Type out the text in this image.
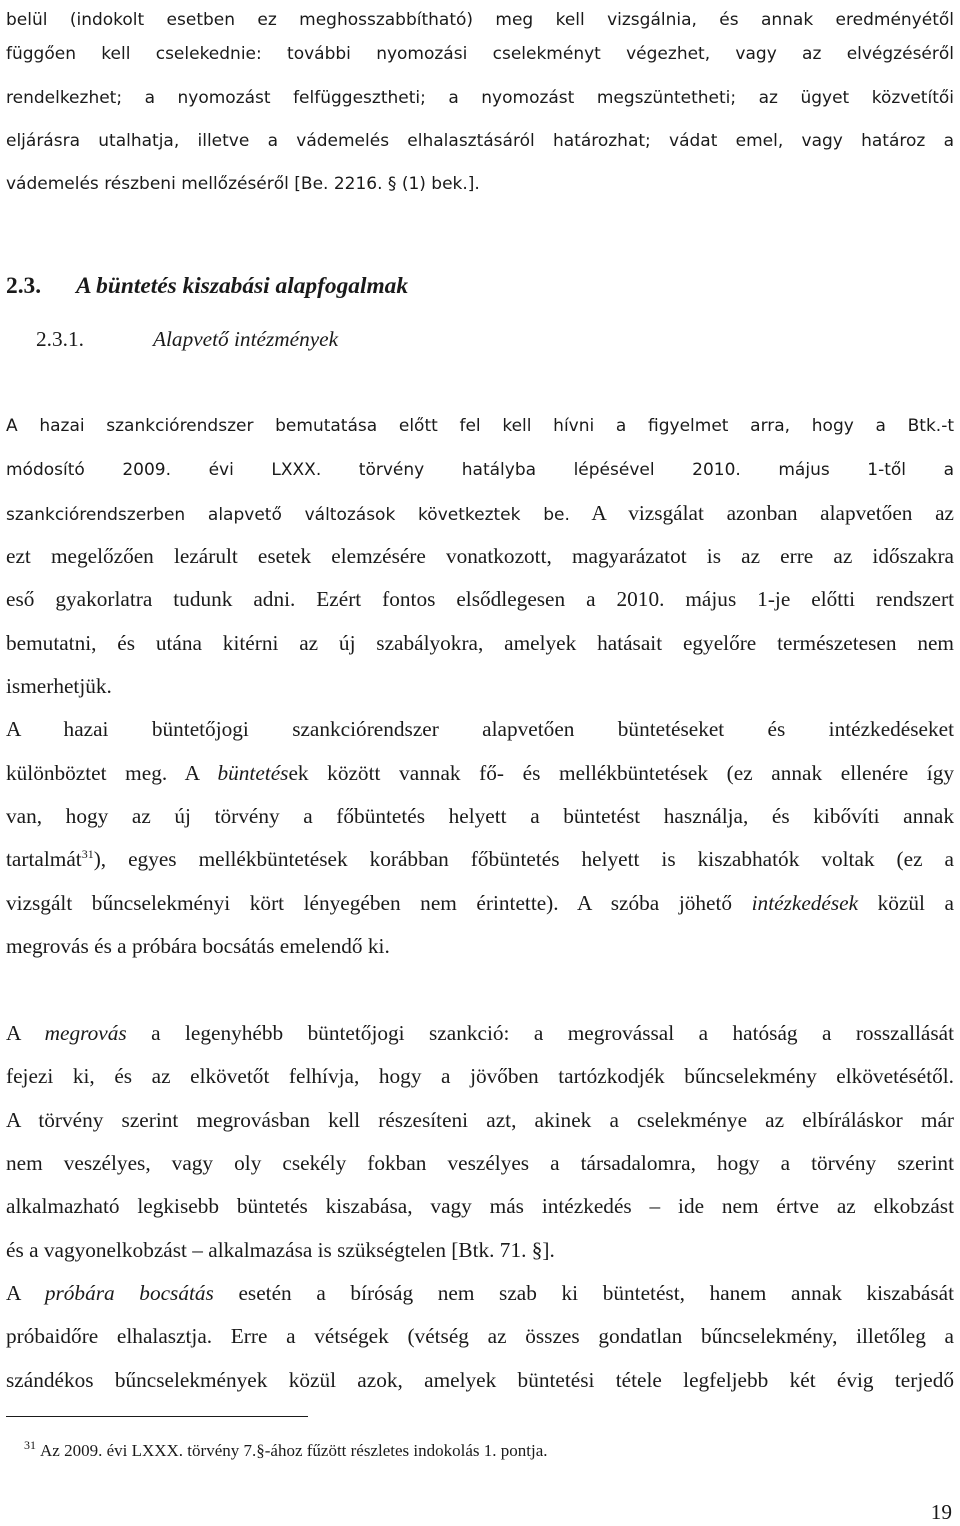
belül (indokolt esetben ez meghosszabbítható) meg kell vizsgálnia, és annak eredményétől
függően kell cselekednie: további nyomozási cselekményt végezhet, vagy az elvégzéséről
rendelkezhet; a nyomozást felfüggesztheti; a nyomozást megszüntetheti; az ügyet közvetítői
eljárásra utalhatja, illetve a vádemelés elhalasztásáról határozhat; vádat emel, vagy határoz a
vádemelés részbeni mellőzéséről [Be. 2216. § (1) bek.].
2.3. A büntetés kiszabási alapfogalmak
2.3.1.	Alapvető intézmények
A hazai szankciórendszer bemutatása előtt fel kell hívni a figyelmet arra, hogy a Btk.-t
módosító 2009. évi LXXX. törvény hatályba lépésével 2010. május 1-től a
szankciórendszerben alapvető változások következtek be. A vizsgálat azonban alapvetően az
ezt megelőzően lezárult esetek elemzésére vonatkozott, magyarázatot is az erre az időszakra
eső gyakorlatra tudunk adni. Ezért fontos elsődlegesen a 2010. május 1-je előtti rendszert
bemutatni, és utána kitérni az új szabályokra, amelyek hatásait egyelőre természetesen nem
ismerhetjük.
A hazai büntetőjogi szankciórendszer alapvetően büntetéseket és intézkedéseket
különböztet meg. A büntetések között vannak fő- és mellékbüntetések (ez annak ellenére így
van, hogy az új törvény a főbüntetés helyett a büntetést használja, és kibővíti annak
tartalmát$^{31}$), egyes mellékbüntetések korábban főbüntetés helyett is kiszabhatók voltak (ez a
vizsgált bűncselekményi kört lényegében nem érintette). A szóba jöhető intézkedések közül a
megrovás és a próbára bocsátás emelendő ki.
A megrovás a legenyhébb büntetőjogi szankció: a megrovással a hatóság a rosszallását
fejezi ki, és az elkövetőt felhívja, hogy a jövőben tartózkodjék bűncselekmény elkövetésétől.
A törvény szerint megrovásban kell részesíteni azt, akinek a cselekménye az elbíráláskor már
nem veszélyes, vagy oly csekély fokban veszélyes a társadalomra, hogy a törvény szerint
alkalmazható legkisebb büntetés kiszabása, vagy más intézkedés – ide nem értve az elkobzást
és a vagyonelkobzást – alkalmazása is szükségtelen [Btk. 71. §].
A próbára bocsátás esetén a bíróság nem szab ki büntetést, hanem annak kiszabását
próbaidőre elhalasztja. Erre a vétségek (vétség az összes gondatlan bűncselekmény, illetőleg a
szándékos bűncselekmények közül azok, amelyek büntetési tétele legfeljebb két évig terjedő
$^{31}$ Az 2009. évi LXXX. törvény 7.§-ához fűzött részletes indokolás 1. pontja.
19
